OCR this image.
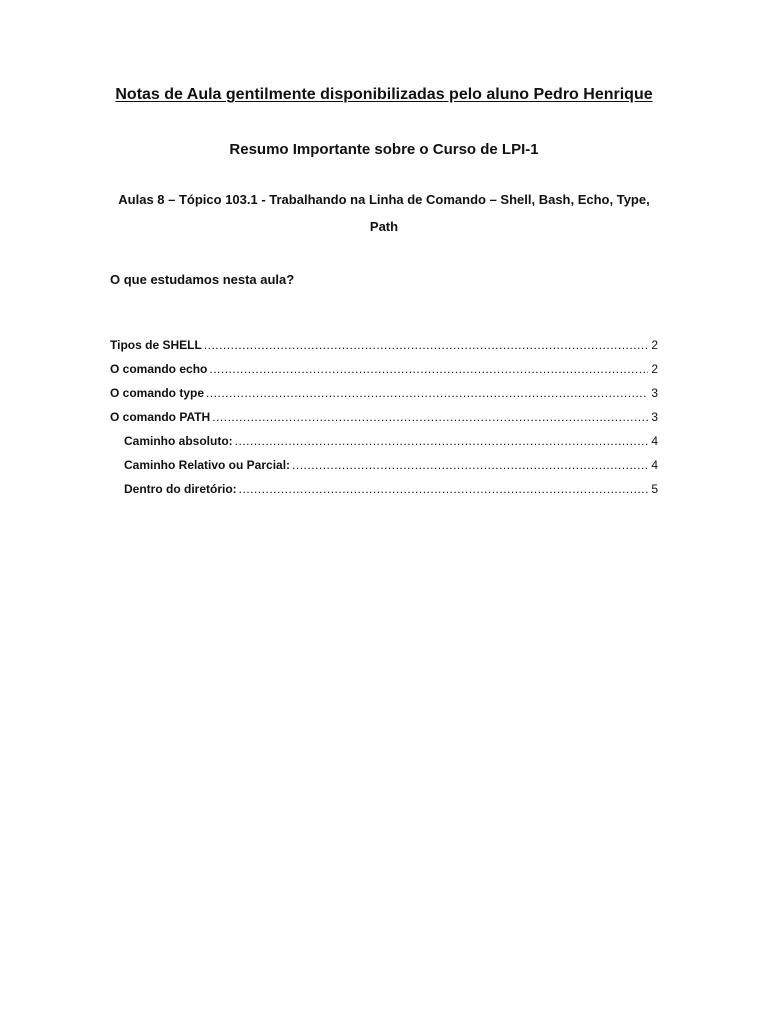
Notas de Aula gentilmente disponibilizadas pelo aluno Pedro Henrique
Resumo Importante sobre o Curso de LPI-1
Aulas 8 – Tópico 103.1 - Trabalhando na Linha de Comando – Shell, Bash, Echo, Type,
Path
O que estudamos nesta aula?
Tipos de SHELL .....	2
O comando echo .....	2
O comando type .....	3
O comando PATH .....	3
Caminho absoluto: .....	4
Caminho Relativo ou Parcial: .....	4
Dentro do diretório: .....	5
